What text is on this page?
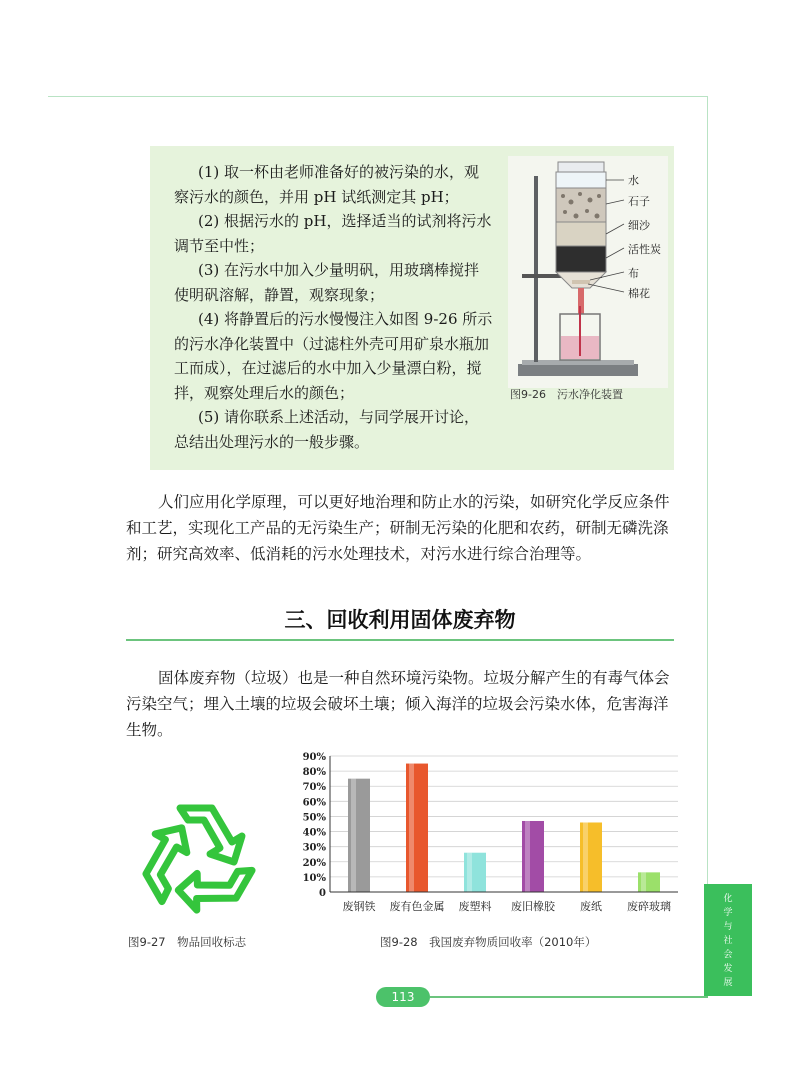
(1) 取一杯由老师准备好的被污染的水，观察污水的颜色，并用 pH 试纸测定其 pH；
(2) 根据污水的 pH，选择适当的试剂将污水调节至中性；
(3) 在污水中加入少量明矾，用玻璃棒搅拌使明矾溶解，静置，观察现象；
(4) 将静置后的污水慢慢注入如图 9-26 所示的污水净化装置中（过滤柱外壳可用矿泉水瓶加工而成），在过滤后的水中加入少量漂白粉，搅拌，观察处理后水的颜色；
(5) 请你联系上述活动，与同学展开讨论，总结出处理污水的一般步骤。
水
石子
细沙
活性炭
布
棉花
图9-26　污水净化装置

人们应用化学原理，可以更好地治理和防止水的污染，如研究化学反应条件和工艺，实现化工产品的无污染生产；研制无污染的化肥和农药，研制无磷洗涤剂；研究高效率、低消耗的污水处理技术，对污水进行综合治理等。

三、回收利用固体废弃物

固体废弃物（垃圾）也是一种自然环境污染物。垃圾分解产生的有毒气体会污染空气；埋入土壤的垃圾会破坏土壤；倾入海洋的垃圾会污染水体，危害海洋生物。

图9-27　物品回收标志
0
10%
20%
30%
40%
50%
60%
70%
80%
90%
废钢铁 废有色金属 废塑料 废旧橡胶 废纸 废碎玻璃
图9-28　我国废弃物质回收率（2010年）
化
学
与
社
会
发
展
113
